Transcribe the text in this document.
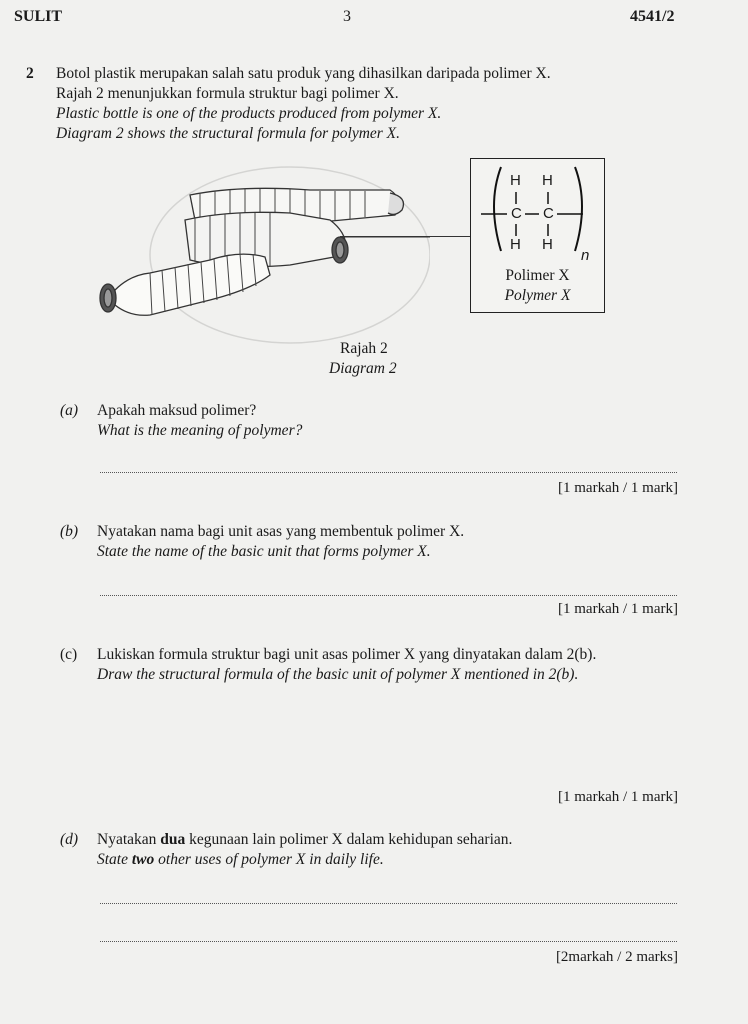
SULIT	3	4541/2
2 Botol plastik merupakan salah satu produk yang dihasilkan daripada polimer X.
Rajah 2 menunjukkan formula struktur bagi polimer X.
Plastic bottle is one of the products produced from polymer X.
Diagram 2 shows the structural formula for polymer X.
H H
C C
H H
n
Polimer X
Polymer X
Rajah 2
Diagram 2
(a) Apakah maksud polimer?
What is the meaning of polymer?
[1 markah / 1 mark]
(b) Nyatakan nama bagi unit asas yang membentuk polimer X.
State the name of the basic unit that forms polymer X.
[1 markah / 1 mark]
(c) Lukiskan formula struktur bagi unit asas polimer X yang dinyatakan dalam 2(b).
Draw the structural formula of the basic unit of polymer X mentioned in 2(b).
[1 markah / 1 mark]
(d) Nyatakan dua kegunaan lain polimer X dalam kehidupan seharian.
State two other uses of polymer X in daily life.
[2markah / 2 marks]
